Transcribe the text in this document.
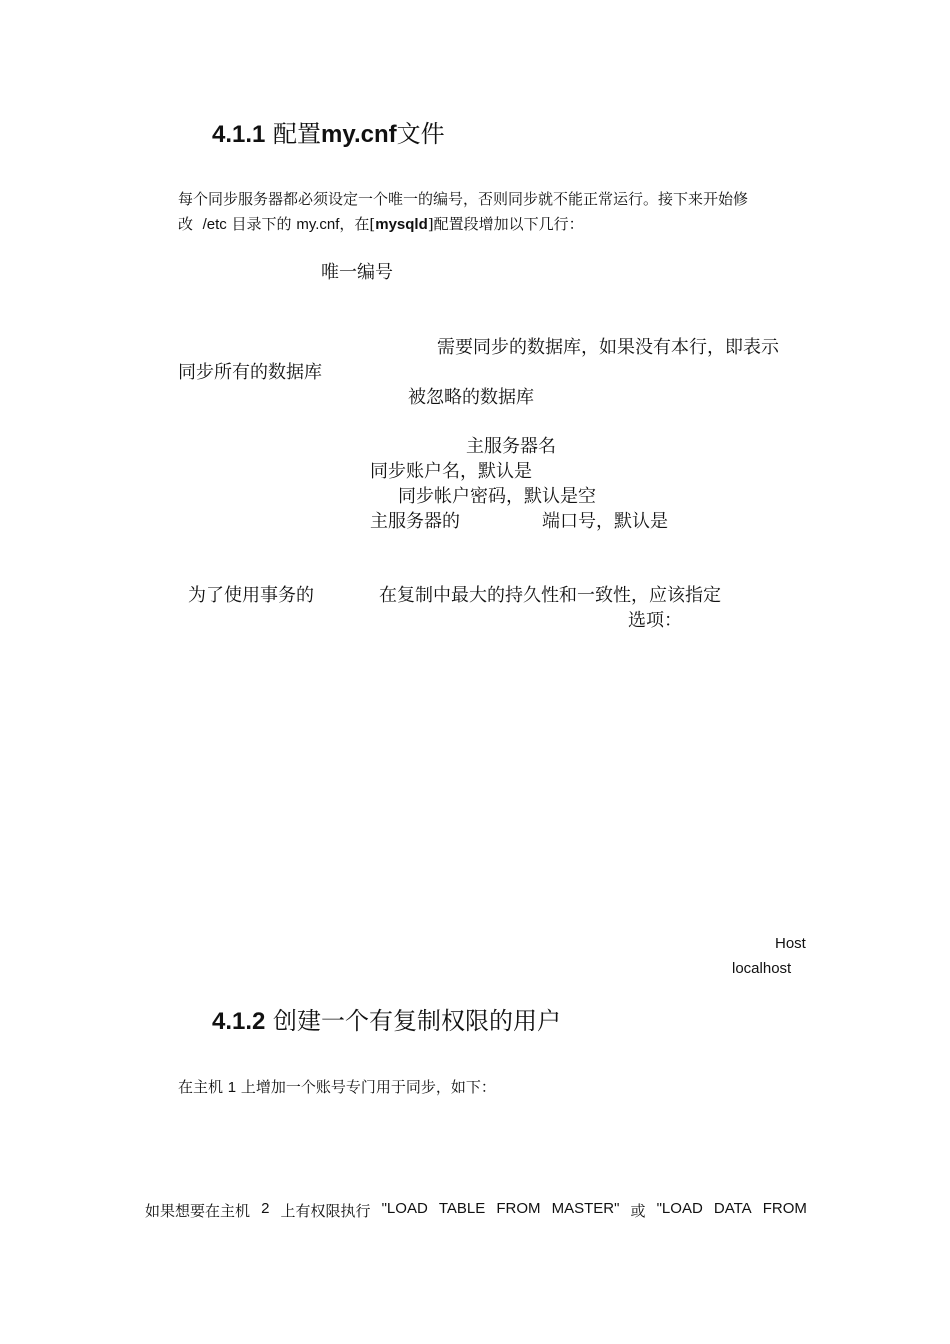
4.1.1 配置my.cnf文件
每个同步服务器都必须设定一个唯一的编号，否则同步就不能正常运行。接下来开始修
改 /etc 目录下的 my.cnf，在[mysqld]配置段增加以下几行：
唯一编号
需要同步的数据库，如果没有本行，即表示
同步所有的数据库
被忽略的数据库
主服务器名
同步账户名，默认是
同步帐户密码，默认是空
主服务器的	端口号，默认是
为了使用事务的	在复制中最大的持久性和一致性，应该指定
选项：
Host
localhost
4.1.2 创建一个有复制权限的用户
在主机 1 上增加一个账号专门用于同步，如下：
如果想要在主机 2 上有权限执行 "LOAD TABLE FROM MASTER" 或 "LOAD DATA FROM
